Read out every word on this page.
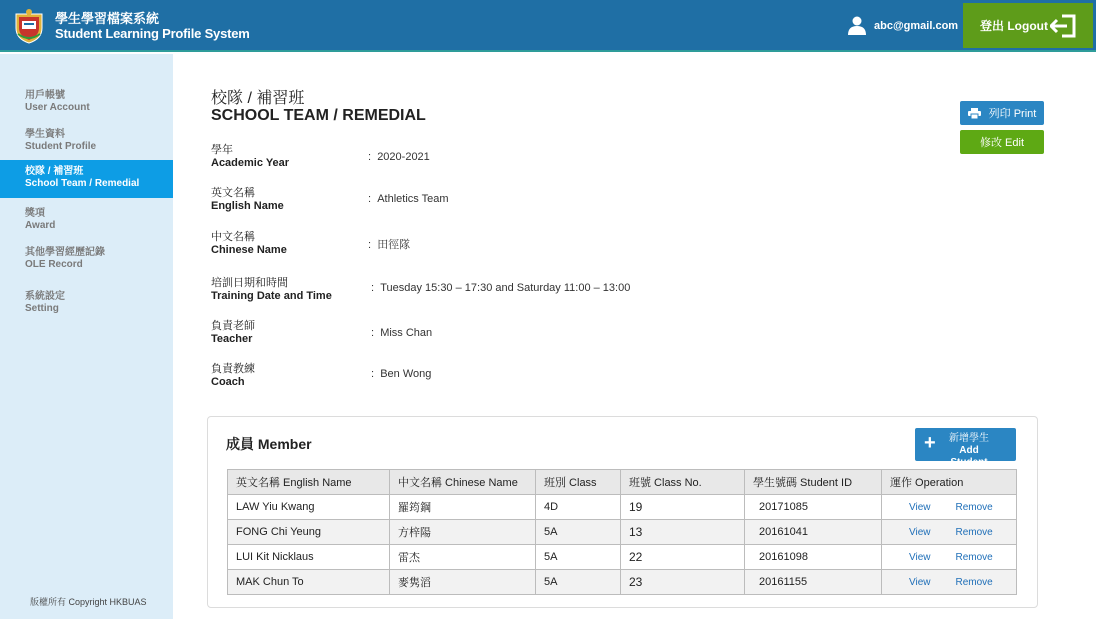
學生學習檔案系統
Student Learning Profile System
abc@gmail.com 登出 Logout
用戶帳號
User Account
學生資料
Student Profile
校隊 / 補習班
School Team / Remedial
獎項
Award
其他學習經歷記錄
OLE Record
系統設定
Setting
版權所有 Copyright HKBUAS
校隊 / 補習班
SCHOOL TEAM / REMEDIAL	列印 Print
修改 Edit
學年
Academic Year	: 2020-2021
英文名稱
English Name
: Athletics Team
中文名稱
Chinese Name	: 田徑隊
培訓日期和時間
Training Date and Time
: Tuesday 15:30 – 17:30 and Saturday 11:00 – 13:00
負責老師
Teacher	: Miss Chan
負責教練
Coach
: Ben Wong
成員 Member	+	新增學生
Add Student
英文名稱 English Name	中文名稱 Chinese Name	班別 Class	班號 Class No.	學生號碼 Student ID	運作 Operation
LAW Yiu Kwang	羅筠鋼	4D	19	20171085	View Remove
FONG Chi Yeung	方梓陽	5A	13	20161041	View Remove
LUI Kit Nicklaus	雷杰	5A	22	20161098	View Remove
MAK Chun To	麥隽滔	5A	23	20161155	View Remove
